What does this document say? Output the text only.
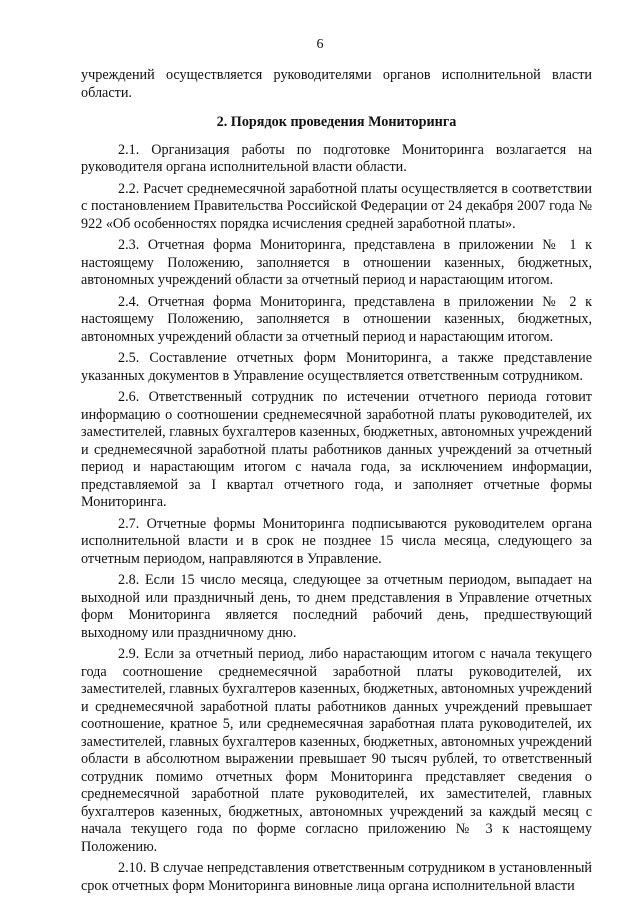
6

учреждений осуществляется руководителями органов исполнительной власти области.

2. Порядок проведения Мониторинга

2.1. Организация работы по подготовке Мониторинга возлагается на руководителя органа исполнительной власти области.

2.2. Расчет среднемесячной заработной платы осуществляется в соответствии с постановлением Правительства Российской Федерации от 24 декабря 2007 года № 922 «Об особенностях порядка исчисления средней заработной платы».

2.3. Отчетная форма Мониторинга, представлена в приложении № 1 к настоящему Положению, заполняется в отношении казенных, бюджетных, автономных учреждений области за отчетный период и нарастающим итогом.

2.4. Отчетная форма Мониторинга, представлена в приложении № 2 к настоящему Положению, заполняется в отношении казенных, бюджетных, автономных учреждений области за отчетный период и нарастающим итогом.

2.5. Составление отчетных форм Мониторинга, а также представление указанных документов в Управление осуществляется ответственным сотрудником.

2.6. Ответственный сотрудник по истечении отчетного периода готовит информацию о соотношении среднемесячной заработной платы руководителей, их заместителей, главных бухгалтеров казенных, бюджетных, автономных учреждений и среднемесячной заработной платы работников данных учреждений за отчетный период и нарастающим итогом с начала года, за исключением информации, представляемой за I квартал отчетного года, и заполняет отчетные формы Мониторинга.

2.7. Отчетные формы Мониторинга подписываются руководителем органа исполнительной власти и в срок не позднее 15 числа месяца, следующего за отчетным периодом, направляются в Управление.

2.8. Если 15 число месяца, следующее за отчетным периодом, выпадает на выходной или праздничный день, то днем представления в Управление отчетных форм Мониторинга является последний рабочий день, предшествующий выходному или праздничному дню.

2.9. Если за отчетный период, либо нарастающим итогом с начала текущего года соотношение среднемесячной заработной платы руководителей, их заместителей, главных бухгалтеров казенных, бюджетных, автономных учреждений и среднемесячной заработной платы работников данных учреждений превышает соотношение, кратное 5, или среднемесячная заработная плата руководителей, их заместителей, главных бухгалтеров казенных, бюджетных, автономных учреждений области в абсолютном выражении превышает 90 тысяч рублей, то ответственный сотрудник помимо отчетных форм Мониторинга представляет сведения о среднемесячной заработной плате руководителей, их заместителей, главных бухгалтеров казенных, бюджетных, автономных учреждений за каждый месяц с начала текущего года по форме согласно приложению № 3 к настоящему Положению.

2.10. В случае непредставления ответственным сотрудником в установленный срок отчетных форм Мониторинга виновные лица органа исполнительной власти
